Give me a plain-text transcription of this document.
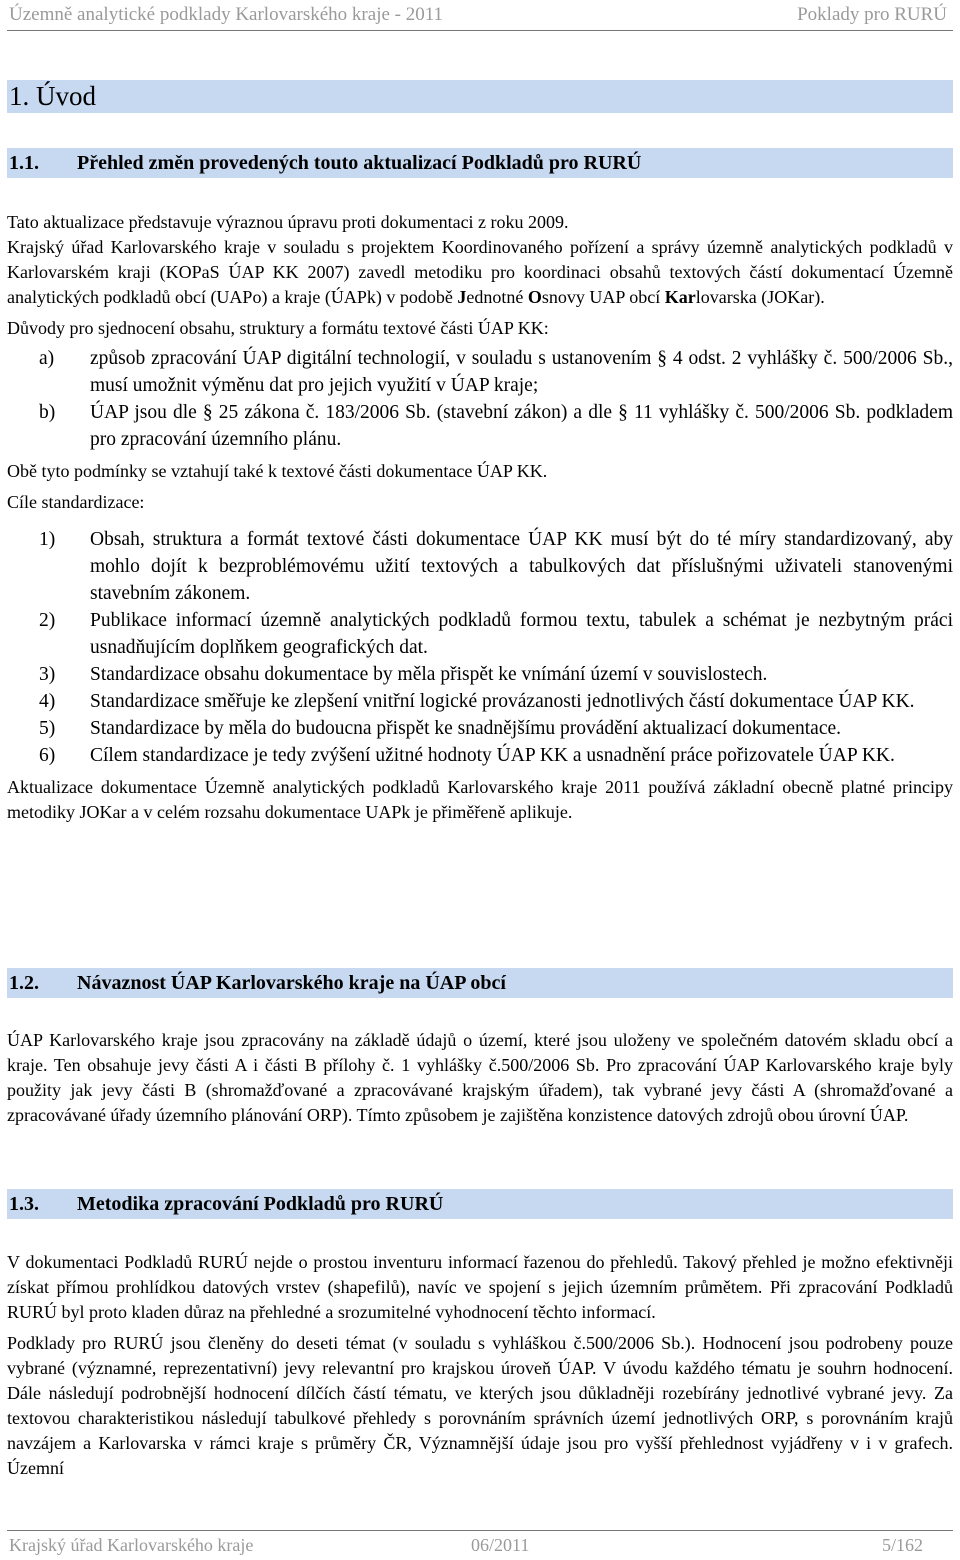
Územně analytické podklady Karlovarského kraje - 2011	Poklady pro RURÚ
1. Úvod
1.1. Přehled změn provedených touto aktualizací Podkladů pro RURÚ

Tato aktualizace představuje výraznou úpravu proti dokumentaci z roku 2009.

Krajský úřad Karlovarského kraje v souladu s projektem Koordinovaného pořízení a správy územně analytických podkladů v Karlovarském kraji (KOPaS ÚAP KK 2007) zavedl metodiku pro koordinaci obsahů textových částí dokumentací Územně analytických podkladů obcí (UAPo) a kraje (ÚAPk) v podobě Jednotné Osnovy UAP obcí Karlovarska (JOKar).

Důvody pro sjednocení obsahu, struktury a formátu textové části ÚAP KK:

a) způsob zpracování ÚAP digitální technologií, v souladu s ustanovením § 4 odst. 2 vyhlášky č. 500/2006 Sb., musí umožnit výměnu dat pro jejich využití v ÚAP kraje;
b) ÚAP jsou dle § 25 zákona č. 183/2006 Sb. (stavební zákon) a dle § 11 vyhlášky č. 500/2006 Sb. podkladem pro zpracování územního plánu.

Obě tyto podmínky se vztahují také k textové části dokumentace ÚAP KK.

Cíle standardizace:

1) Obsah, struktura a formát textové části dokumentace ÚAP KK musí být do té míry standardizovaný, aby mohlo dojít k bezproblémovému užití textových a tabulkových dat příslušnými uživateli stanovenými stavebním zákonem.
2) Publikace informací územně analytických podkladů formou textu, tabulek a schémat je nezbytným práci usnadňujícím doplňkem geografických dat.
3) Standardizace obsahu dokumentace by měla přispět ke vnímání území v souvislostech.
4) Standardizace směřuje ke zlepšení vnitřní logické provázanosti jednotlivých částí dokumentace ÚAP KK.
5) Standardizace by měla do budoucna přispět ke snadnějšímu provádění aktualizací dokumentace.
6) Cílem standardizace je tedy zvýšení užitné hodnoty ÚAP KK a usnadnění práce pořizovatele ÚAP KK.

Aktualizace dokumentace Územně analytických podkladů Karlovarského kraje 2011 používá základní obecně platné principy metodiky JOKar a v celém rozsahu dokumentace UAPk je přiměřeně aplikuje.

1.2. Návaznost ÚAP Karlovarského kraje na ÚAP obcí

ÚAP Karlovarského kraje jsou zpracovány na základě údajů o území, které jsou uloženy ve společném datovém skladu obcí a kraje. Ten obsahuje jevy části A i části B přílohy č. 1 vyhlášky č.500/2006 Sb. Pro zpracování ÚAP Karlovarského kraje byly použity jak jevy části B (shromažďované a zpracovávané krajským úřadem), tak vybrané jevy části A (shromažďované a zpracovávané úřady územního plánování ORP). Tímto způsobem je zajištěna konzistence datových zdrojů obou úrovní ÚAP.

1.3. Metodika zpracování Podkladů pro RURÚ

V dokumentaci Podkladů RURÚ nejde o prostou inventuru informací řazenou do přehledů. Takový přehled je možno efektivněji získat přímou prohlídkou datových vrstev (shapefilů), navíc ve spojení s jejich územním průmětem. Při zpracování Podkladů RURÚ byl proto kladen důraz na přehledné a srozumitelné vyhodnocení těchto informací.

Podklady pro RURÚ jsou členěny do deseti témat (v souladu s vyhláškou č.500/2006 Sb.). Hodnocení jsou podrobeny pouze vybrané (významné, reprezentativní) jevy relevantní pro krajskou úroveň ÚAP. V úvodu každého tématu je souhrn hodnocení. Dále následují podrobnější hodnocení dílčích částí tématu, ve kterých jsou důkladněji rozebírány jednotlivé vybrané jevy. Za textovou charakteristikou následují tabulkové přehledy s porovnáním správních území jednotlivých ORP, s porovnáním krajů navzájem a Karlovarska v rámci kraje s průměry ČR, Významnější údaje jsou pro vyšší přehlednost vyjádřeny v i v grafech. Územní

Krajský úřad Karlovarského kraje	06/2011	5/162
